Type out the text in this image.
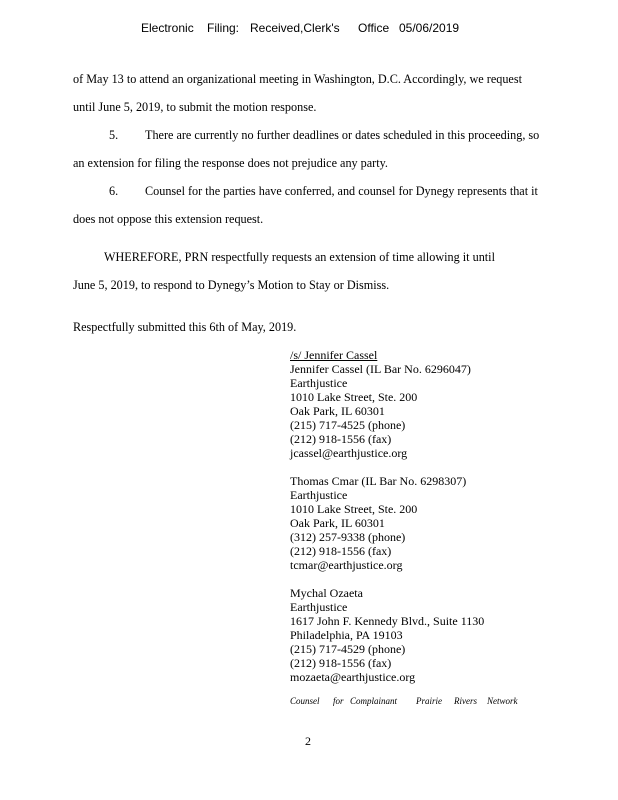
Electronic Filing: Received,Clerk's Office 05/06/2019
of May 13 to attend an organizational meeting in Washington, D.C. Accordingly, we request
until June 5, 2019, to submit the motion response.
5. There are currently no further deadlines or dates scheduled in this proceeding, so
an extension for filing the response does not prejudice any party.
6. Counsel for the parties have conferred, and counsel for Dynegy represents that it
does not oppose this extension request.
WHEREFORE, PRN respectfully requests an extension of time allowing it until
June 5, 2019, to respond to Dynegy’s Motion to Stay or Dismiss.
Respectfully submitted this 6th of May, 2019.
/s/ Jennifer Cassel
Jennifer Cassel (IL Bar No. 6296047)
Earthjustice
1010 Lake Street, Ste. 200
Oak Park, IL 60301
(215) 717-4525 (phone)
(212) 918-1556 (fax)
jcassel@earthjustice.org
Thomas Cmar (IL Bar No. 6298307)
Earthjustice
1010 Lake Street, Ste. 200
Oak Park, IL 60301
(312) 257-9338 (phone)
(212) 918-1556 (fax)
tcmar@earthjustice.org
Mychal Ozaeta
Earthjustice
1617 John F. Kennedy Blvd., Suite 1130
Philadelphia, PA 19103
(215) 717-4529 (phone)
(212) 918-1556 (fax)
mozaeta@earthjustice.org
Counsel for Complainant Prairie Rivers Network
2
